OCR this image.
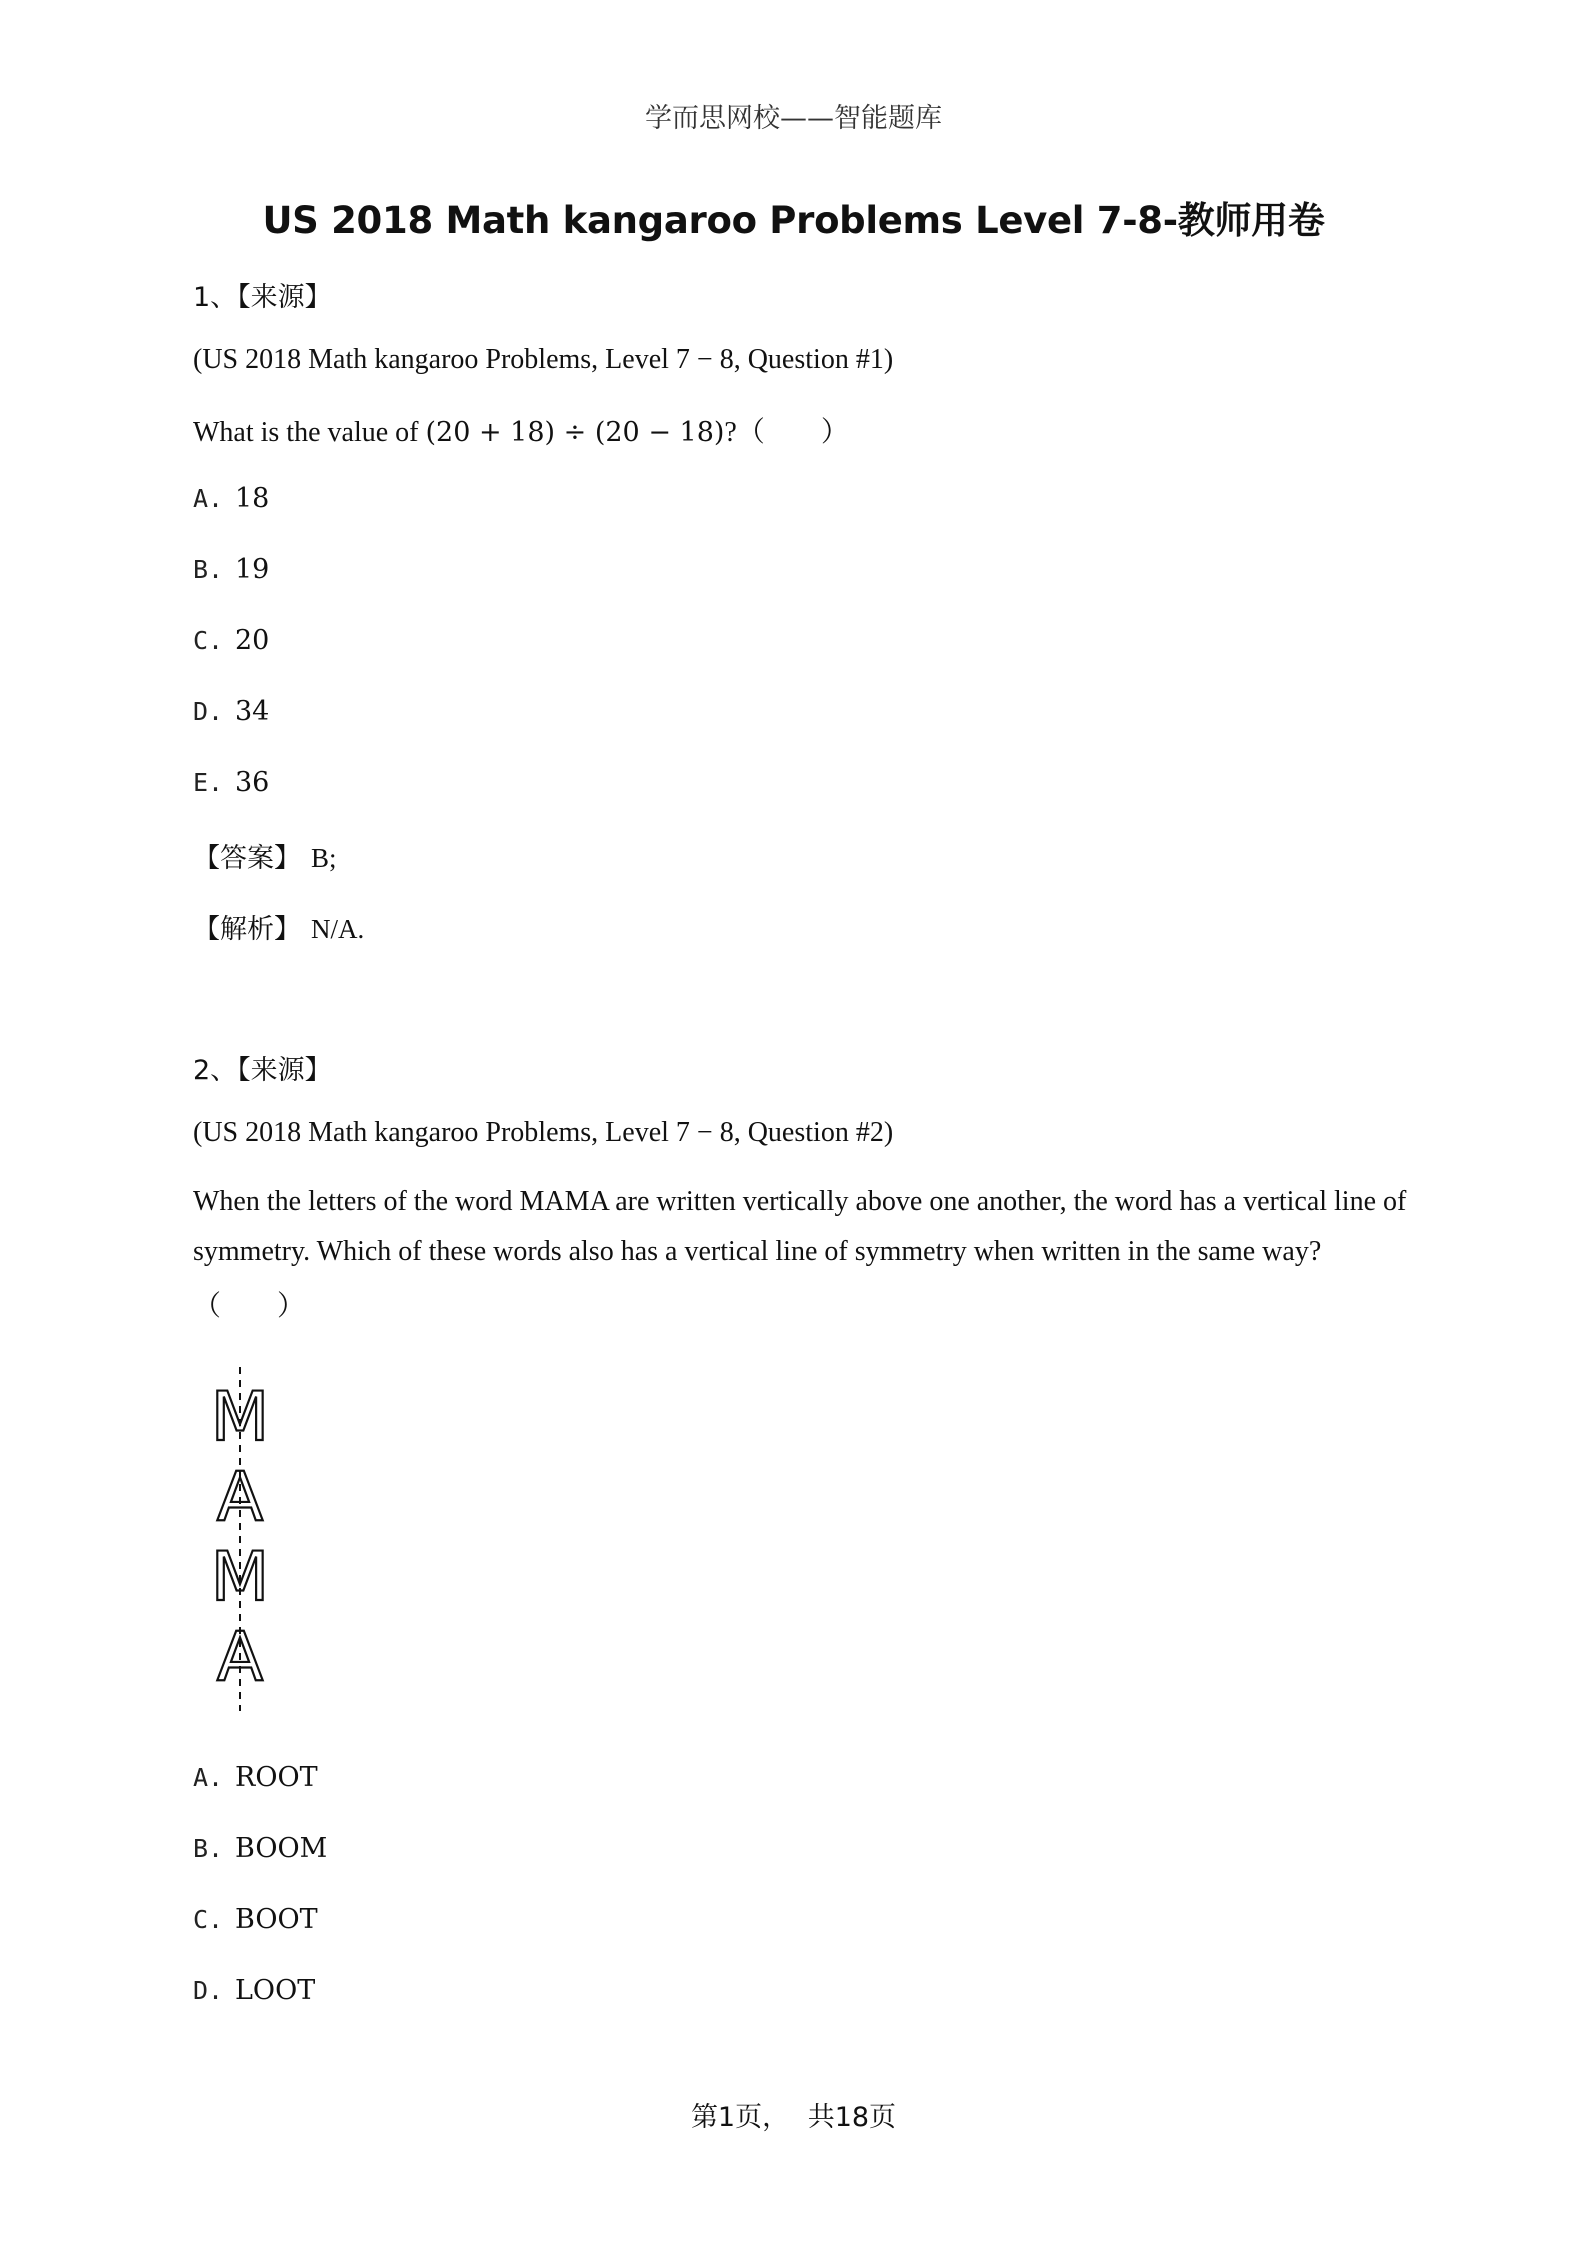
学而思网校——智能题库
US 2018 Math kangaroo Problems Level 7-8-教师用卷
1、【来源】
(US 2018 Math kangaroo Problems, Level 7 − 8, Question #1)
What is the value of (20 + 18) ÷ (20 − 18)?（　　）
A. 18
B. 19
C. 20
D. 34
E. 36
【答案】 B;
【解析】 N/A.
2、【来源】
(US 2018 Math kangaroo Problems, Level 7 − 8, Question #2)
When the letters of the word MAMA are written vertically above one another, the word has a vertical line of symmetry. Which of these words also has a vertical line of symmetry when written in the same way?
（　　）
M
A
M
A
A. ROOT
B. BOOM
C. BOOT
D. LOOT
第1页， 共18页
